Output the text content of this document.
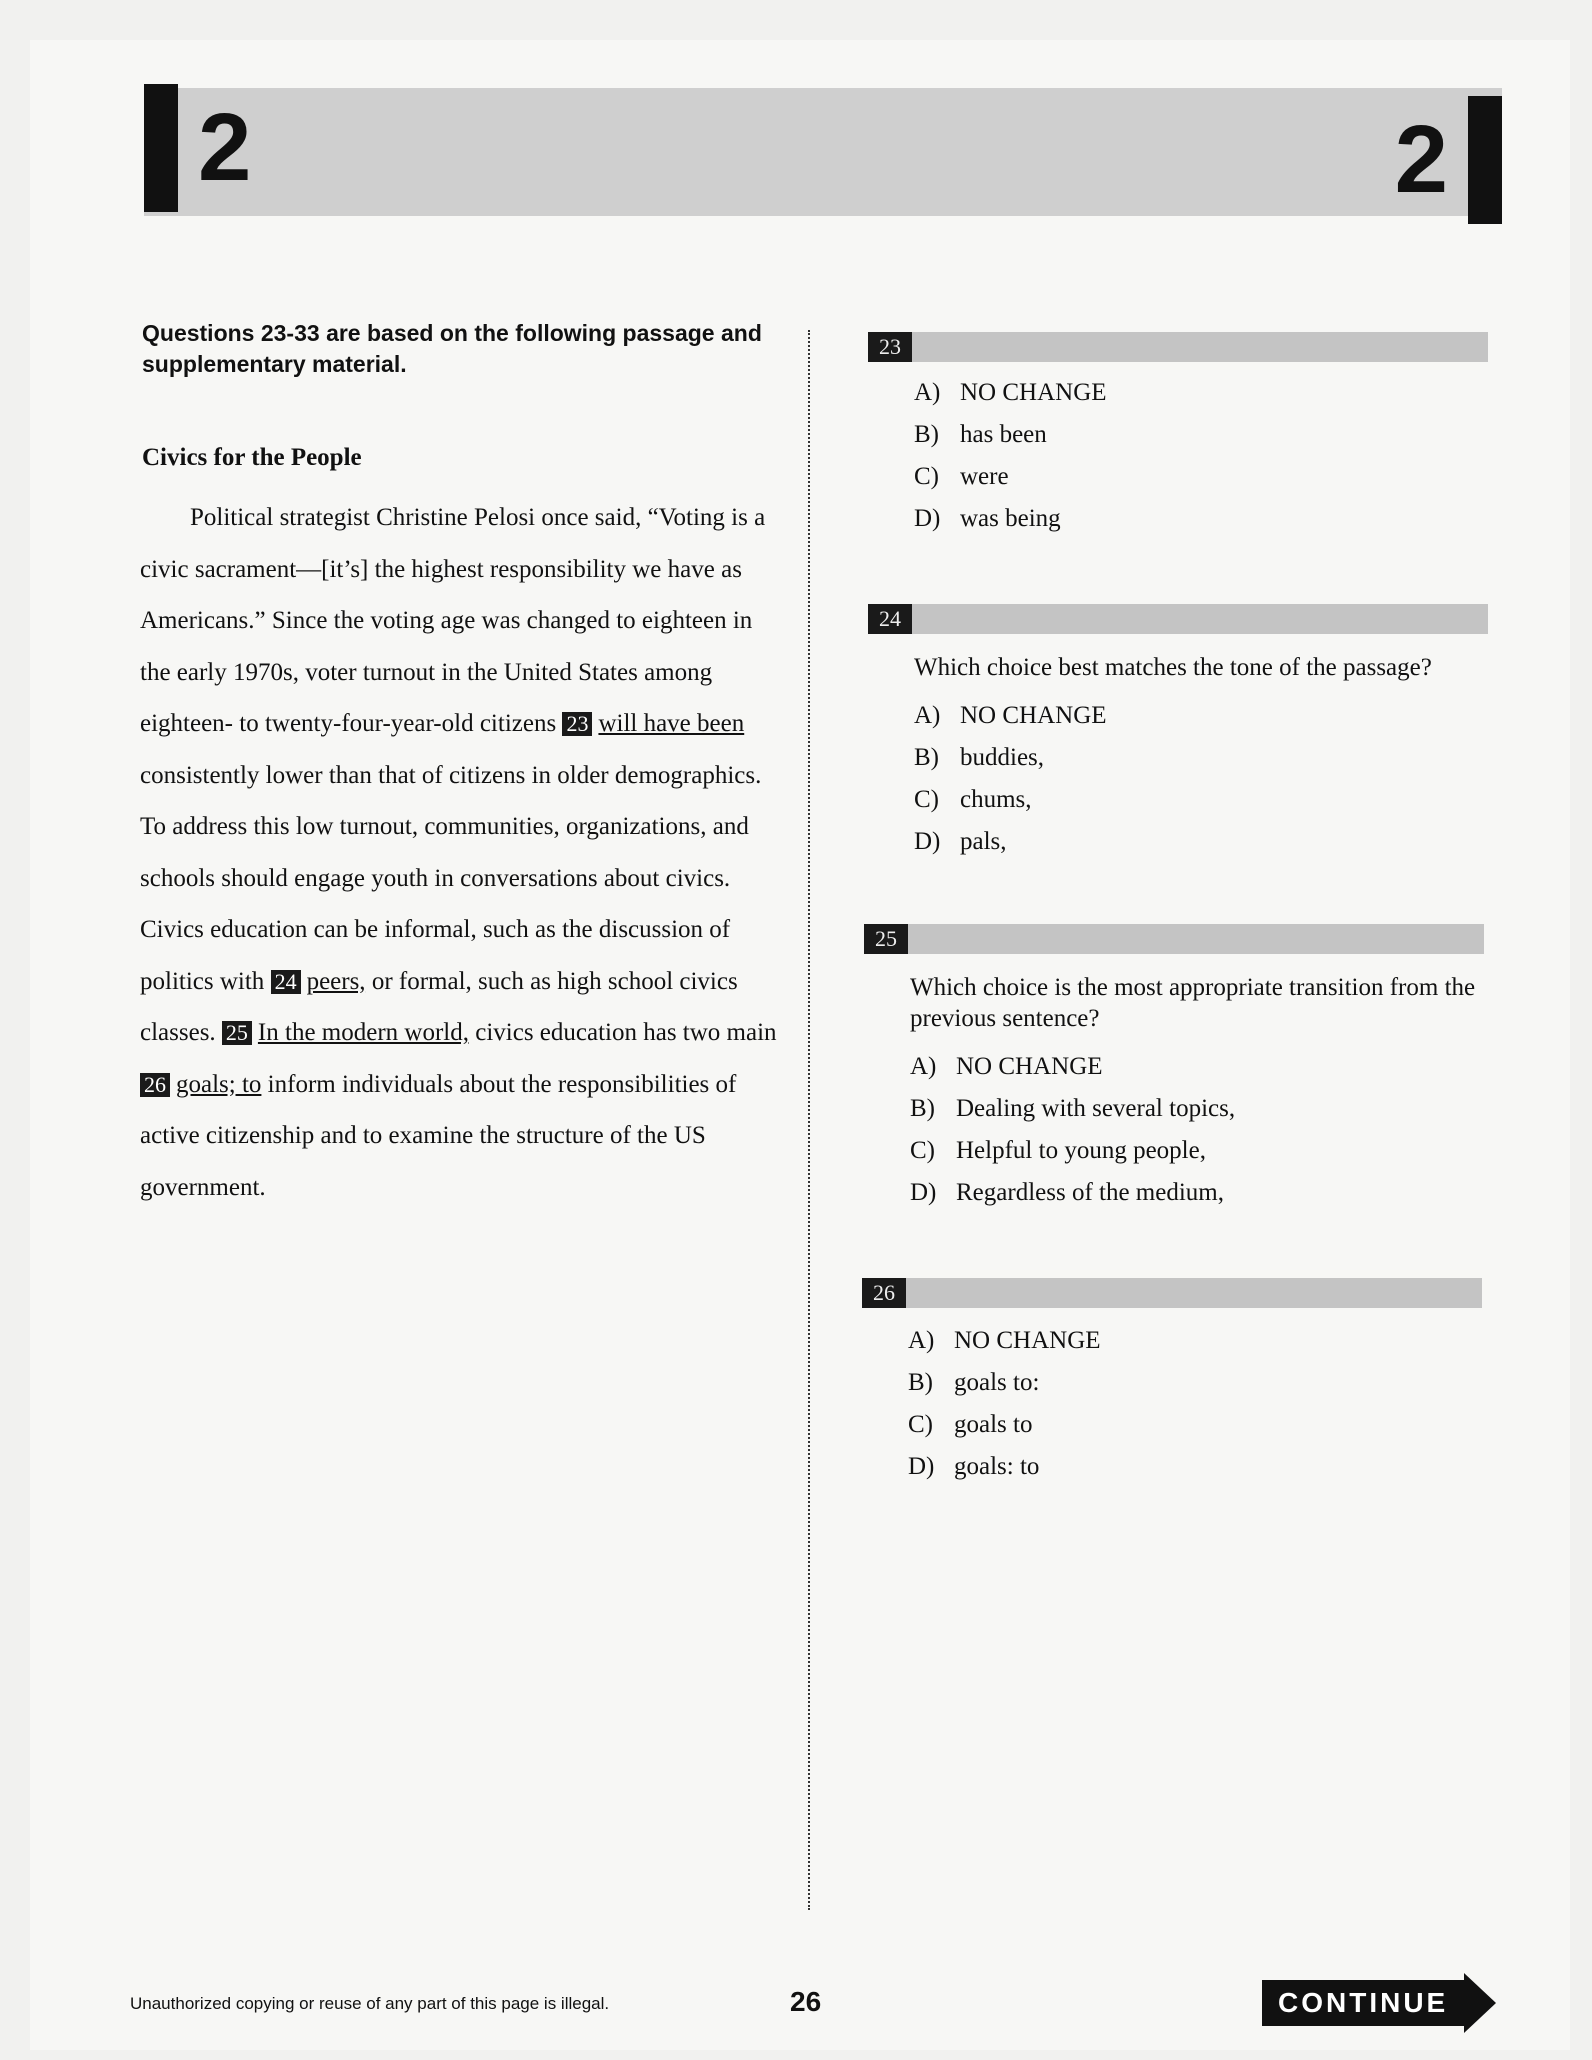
2	2
Questions 23-33 are based on the following passage and supplementary material.
Civics for the People

Political strategist Christine Pelosi once said, “Voting is a civic sacrament—[it’s] the highest responsibility we have as Americans.” Since the voting age was changed to eighteen in the early 1970s, voter turnout in the United States among eighteen- to twenty-four-year-old citizens 23 will have been consistently lower than that of citizens in older demographics. To address this low turnout, communities, organizations, and schools should engage youth in conversations about civics. Civics education can be informal, such as the discussion of politics with 24 peers, or formal, such as high school civics classes. 25 In the modern world, civics education has two main 26 goals; to inform individuals about the responsibilities of active citizenship and to examine the structure of the US government.

23
A) NO CHANGE
B) has been
C) were
D) was being
24
Which choice best matches the tone of the passage?
A) NO CHANGE
B) buddies,
C) chums,
D) pals,
25
Which choice is the most appropriate transition from the previous sentence?
A) NO CHANGE
B) Dealing with several topics,
C) Helpful to young people,
D) Regardless of the medium,
26
A) NO CHANGE
B) goals to:
C) goals to
D) goals: to
Unauthorized copying or reuse of any part of this page is illegal.	26	CONTINUE
